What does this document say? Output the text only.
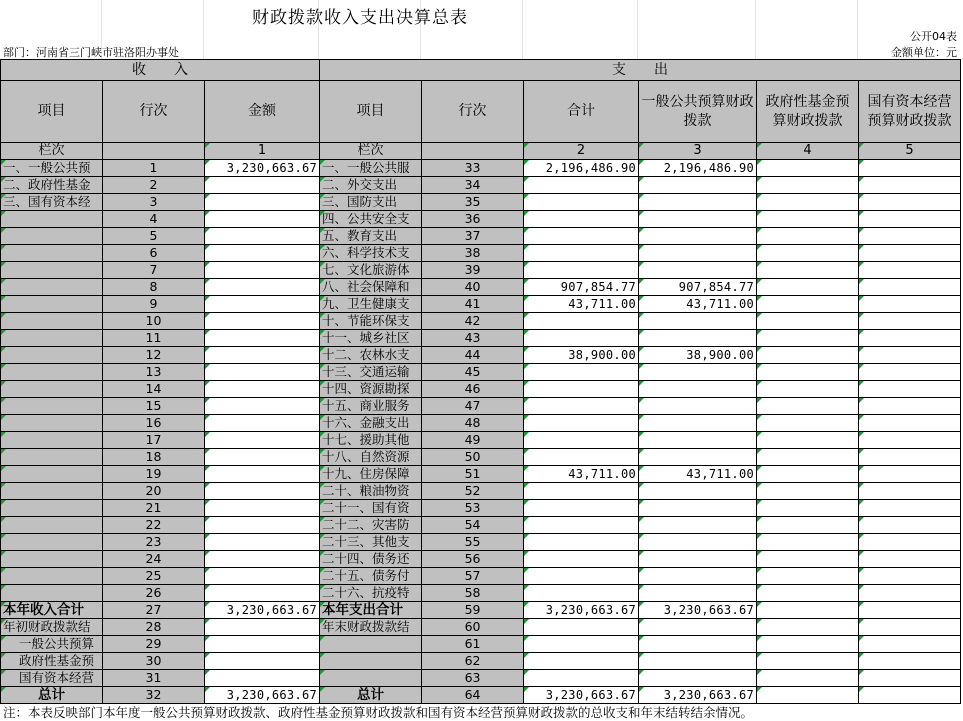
财政拨款收入支出决算总表
公开04表
部门：河南省三门峡市驻洛阳办事处	金额单位：元
收　　入			支　　出					
项目	行次	金额	项目	行次	合计	一般公共预算财政拨款	政府性基金预算财政拨款	国有资本经营预算财政拨款
栏次		1	栏次		2	3	4	5
一、一般公共预	1	3,230,663.67	一、一般公共服	33	2,196,486.90	2,196,486.90		
二、政府性基金	2		二、外交支出	34				
三、国有资本经	3		三、国防支出	35				
	4		四、公共安全支	36				
	5		五、教育支出	37				
	6		六、科学技术支	38				
	7		七、文化旅游体	39				
	8		八、社会保障和	40	907,854.77	907,854.77		
	9		九、卫生健康支	41	43,711.00	43,711.00		
	10		十、节能环保支	42				
	11		十一、城乡社区	43				
	12		十二、农林水支	44	38,900.00	38,900.00		
	13		十三、交通运输	45				
	14		十四、资源勘探	46				
	15		十五、商业服务	47				
	16		十六、金融支出	48				
	17		十七、援助其他	49				
	18		十八、自然资源	50				
	19		十九、住房保障	51	43,711.00	43,711.00		
	20		二十、粮油物资	52				
	21		二十一、国有资	53				
	22		二十二、灾害防	54				
	23		二十三、其他支	55				
	24		二十四、债务还	56				
	25		二十五、债务付	57				
	26		二十六、抗疫特	58				
本年收入合计	27	3,230,663.67	本年支出合计	59	3,230,663.67	3,230,663.67		
年初财政拨款结	28		年末财政拨款结	60				
一般公共预算	29			61				
政府性基金预	30			62				
国有资本经营	31			63				
总计	32	3,230,663.67	总计	64	3,230,663.67	3,230,663.67		
注：本表反映部门本年度一般公共预算财政拨款、政府性基金预算财政拨款和国有资本经营预算财政拨款的总收支和年末结转结余情况。
